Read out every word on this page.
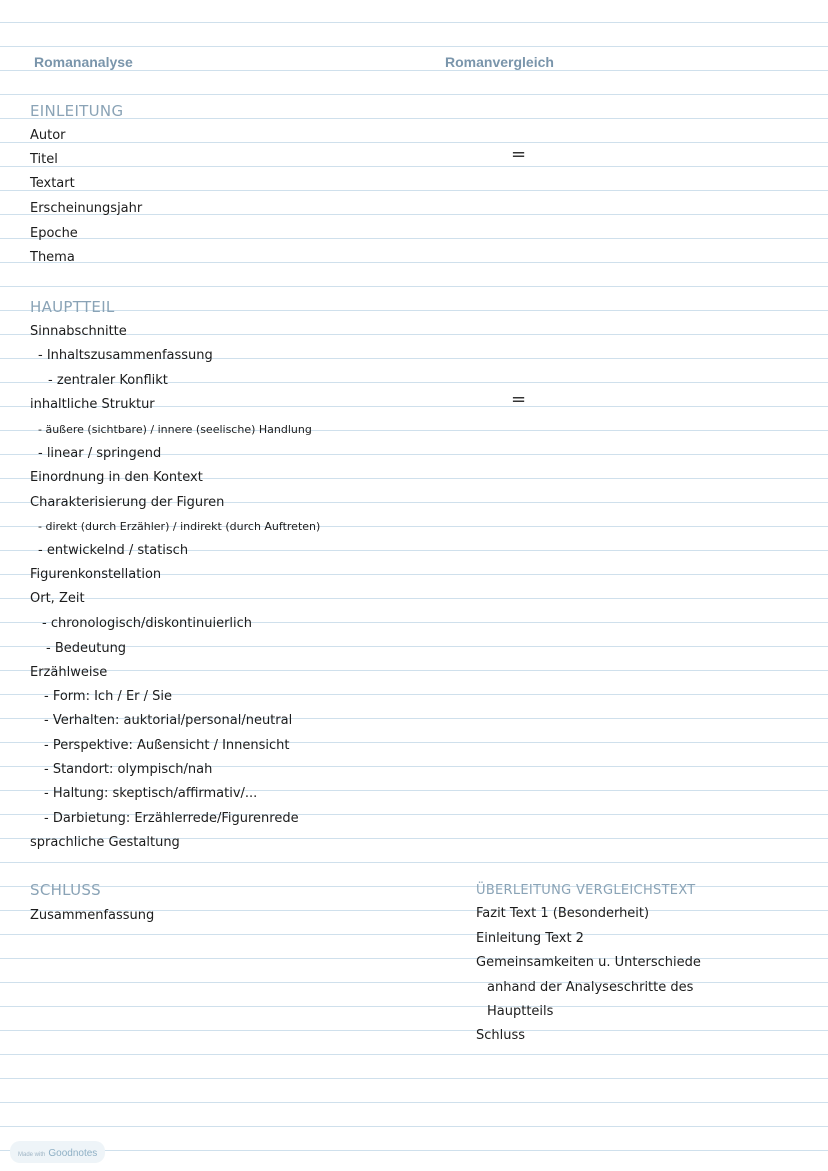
Romananalyse	Romanvergleich
EINLEITUNG
Autor
Titel
Textart
Erscheinungsjahr
Epoche
Thema
=
HAUPTTEIL
Sinnabschnitte
- Inhaltszusammenfassung
- zentraler Konflikt
inhaltliche Struktur
- äußere (sichtbare) / innere (seelische) Handlung
- linear / springend
Einordnung in den Kontext
Charakterisierung der Figuren
- direkt (durch Erzähler) / indirekt (durch Auftreten)
- entwickelnd / statisch
Figurenkonstellation
Ort, Zeit
- chronologisch/diskontinuierlich
- Bedeutung
Erzählweise
- Form: Ich / Er / Sie
- Verhalten: auktorial/personal/neutral
- Perspektive: Außensicht / Innensicht
- Standort: olympisch/nah
- Haltung: skeptisch/affirmativ/...
- Darbietung: Erzählerrede/Figurenrede
sprachliche Gestaltung
=
SCHLUSS
Zusammenfassung
ÜBERLEITUNG VERGLEICHSTEXT
Fazit Text 1 (Besonderheit)
Einleitung Text 2
Gemeinsamkeiten u. Unterschiede
anhand der Analyseschritte des
Hauptteils
Schluss
Made with Goodnotes
